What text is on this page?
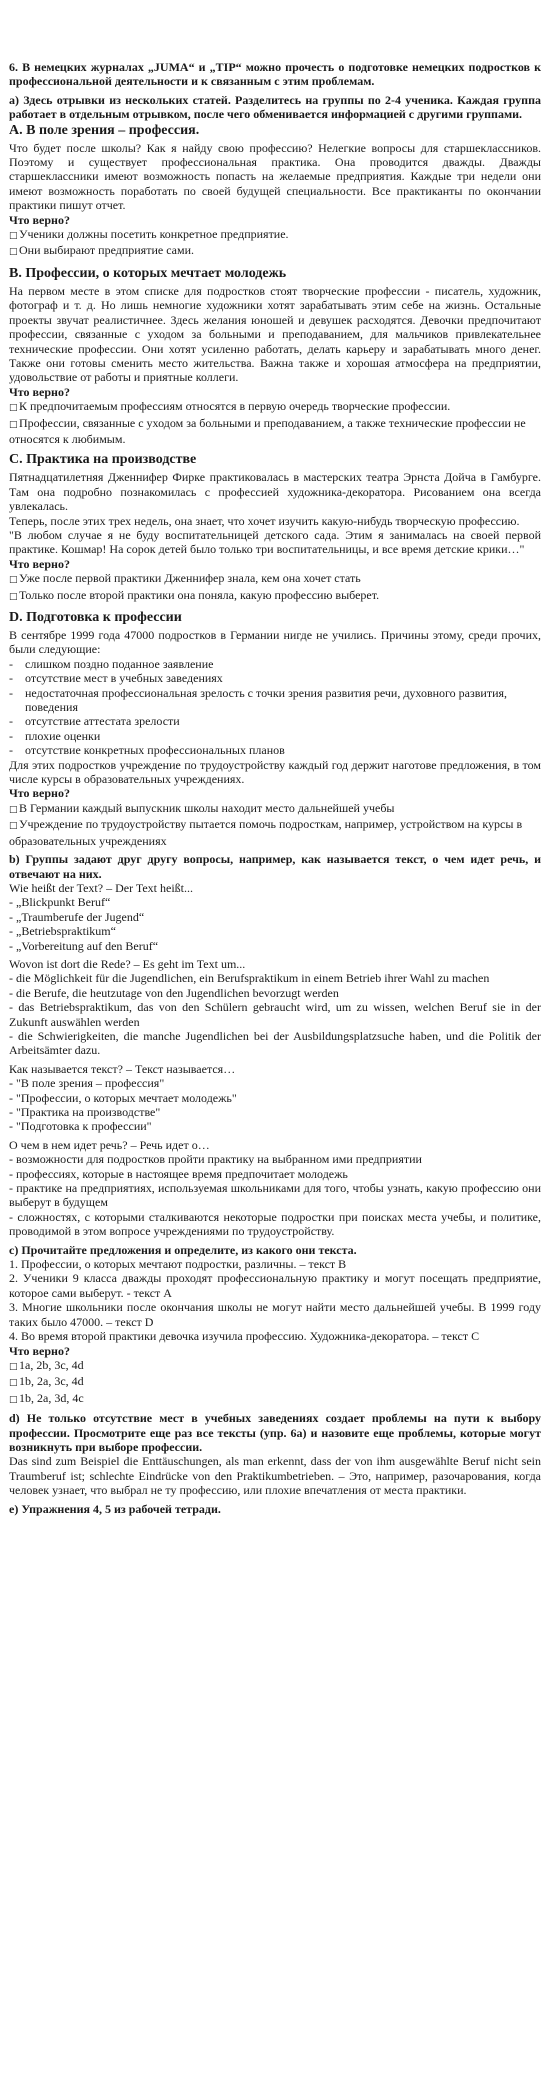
6. В немецких журналах „JUMA“ и „TIP“ можно прочесть о подготовке немецких подростков к профессиональной деятельности и к связанным с этим проблемам.

a) Здесь отрывки из нескольких статей. Разделитесь на группы по 2-4 ученика. Каждая группа работает в отдельным отрывком, после чего обменивается информацией с другими группами.

A. В поле зрения – профессия.

Что будет после школы? Как я найду свою профессию? Нелегкие вопросы для старшеклассников. Поэтому и существует профессиональная практика. Она проводится дважды. Дважды старшеклассники имеют возможность попасть на желаемые предприятия. Каждые три недели они имеют возможность поработать по своей будущей специальности. Все практиканты по окончании практики пишут отчет.

Что верно?
□Ученики должны посетить конкретное предприятие.
□Они выбирают предприятие сами.
B. Профессии, о которых мечтает молодежь

На первом месте в этом списке для подростков стоят творческие профессии - писатель, художник, фотограф и т. д. Но лишь немногие художники хотят зарабатывать этим себе на жизнь. Остальные проекты звучат реалистичнее. Здесь желания юношей и девушек расходятся. Девочки предпочитают профессии, связанные с уходом за больными и преподаванием, для мальчиков привлекательнее технические профессии. Они хотят усиленно работать, делать карьеру и зарабатывать много денег. Также они готовы сменить место жительства. Важна также и хорошая атмосфера на предприятии, удовольствие от работы и приятные коллеги.

Что верно?
□К предпочитаемым профессиям относятся в первую очередь творческие профессии.
□Профессии, связанные с уходом за больными и преподаванием, а также технические профессии не относятся к любимым.
C. Практика на производстве

Пятнадцатилетняя Дженнифер Фирке практиковалась в мастерских театра Эрнста Дойча в Гамбурге. Там она подробно познакомилась с профессией художника-декоратора. Рисованием она всегда увлекалась.

Теперь, после этих трех недель, она знает, что хочет изучить какую-нибудь творческую профессию.

"В любом случае я не буду воспитательницей детского сада. Этим я занималась на своей первой практике. Кошмар! На сорок детей было только три воспитательницы, и все время детские крики…"

Что верно?
□Уже после первой практики Дженнифер знала, кем она хочет стать
□Только после второй практики она поняла, какую профессию выберет.
D. Подготовка к профессии

В сентябре 1999 года 47000 подростков в Германии нигде не учились. Причины этому, среди прочих, были следующие:

- слишком поздно поданное заявление
- отсутствие мест в учебных заведениях
- недостаточная профессиональная зрелость с точки зрения развития речи, духовного развития, поведения
- отсутствие аттестата зрелости
- плохие оценки
- отсутствие конкретных профессиональных планов

Для этих подростков учреждение по трудоустройству каждый год держит наготове предложения, в том числе курсы в образовательных учреждениях.

Что верно?
□В Германии каждый выпускник школы находит место дальнейшей учебы
□Учреждение по трудоустройству пытается помочь подросткам, например, устройством на курсы в образовательных учреждениях

b) Группы задают друг другу вопросы, например, как называется текст, о чем идет речь, и отвечают на них.

Wie heißt der Text? – Der Text heißt...

- „Blickpunkt Beruf“
- „Traumberufe der Jugend“
- „Betriebspraktikum“
- „Vorbereitung auf den Beruf“

Wovon ist dort die Rede? – Es geht im Text um...

- die Möglichkeit für die Jugendlichen, ein Berufspraktikum in einem Betrieb ihrer Wahl zu machen
- die Berufe, die heutzutage von den Jugendlichen bevorzugt werden
- das Betriebspraktikum, das von den Schülern gebraucht wird, um zu wissen, welchen Beruf sie in der Zukunft auswählen werden
- die Schwierigkeiten, die manche Jugendlichen bei der Ausbildungsplatzsuche haben, und die Politik der Arbeitsämter dazu.

Как называется текст? – Текст называется…

- "В поле зрения – профессия"
- "Профессии, о которых мечтает молодежь"
- "Практика на производстве"
- "Подготовка к профессии"

О чем в нем идет речь? – Речь идет о…

- возможности для подростков пройти практику на выбранном ими предприятии
- профессиях, которые в настоящее время предпочитает молодежь
- практике на предприятиях, используемая школьниками для того, чтобы узнать, какую профессию они выберут в будущем
- сложностях, с которыми сталкиваются некоторые подростки при поисках места учебы, и политике, проводимой в этом вопросе учреждениями по трудоустройству.

c) Прочитайте предложения и определите, из какого они текста.

1. Профессии, о которых мечтают подростки, различны. – текст B
2. Ученики 9 класса дважды проходят профессиональную практику и могут посещать предприятие, которое сами выберут. - текст A
3. Многие школьники после окончания школы не могут найти место дальнейшей учебы. В 1999 году таких было 47000. – текст D
4. Во время второй практики девочка изучила профессию. Художника-декоратора. – текст C
Что верно?
□1a, 2b, 3c, 4d
□1b, 2a, 3c, 4d
□1b, 2a, 3d, 4c

d) Не только отсутствие мест в учебных заведениях создает проблемы на пути к выбору профессии. Просмотрите еще раз все тексты (упр. 6a) и назовите еще проблемы, которые могут возникнуть при выборе профессии.

Das sind zum Beispiel die Enttäuschungen, als man erkennt, dass der von ihm ausgewählte Beruf nicht sein Traumberuf ist; schlechte Eindrücke von den Praktikumbetrieben. – Это, например, разочарования, когда человек узнает, что выбрал не ту профессию, или плохие впечатления от места практики.

e) Упражнения 4, 5 из рабочей тетради.
